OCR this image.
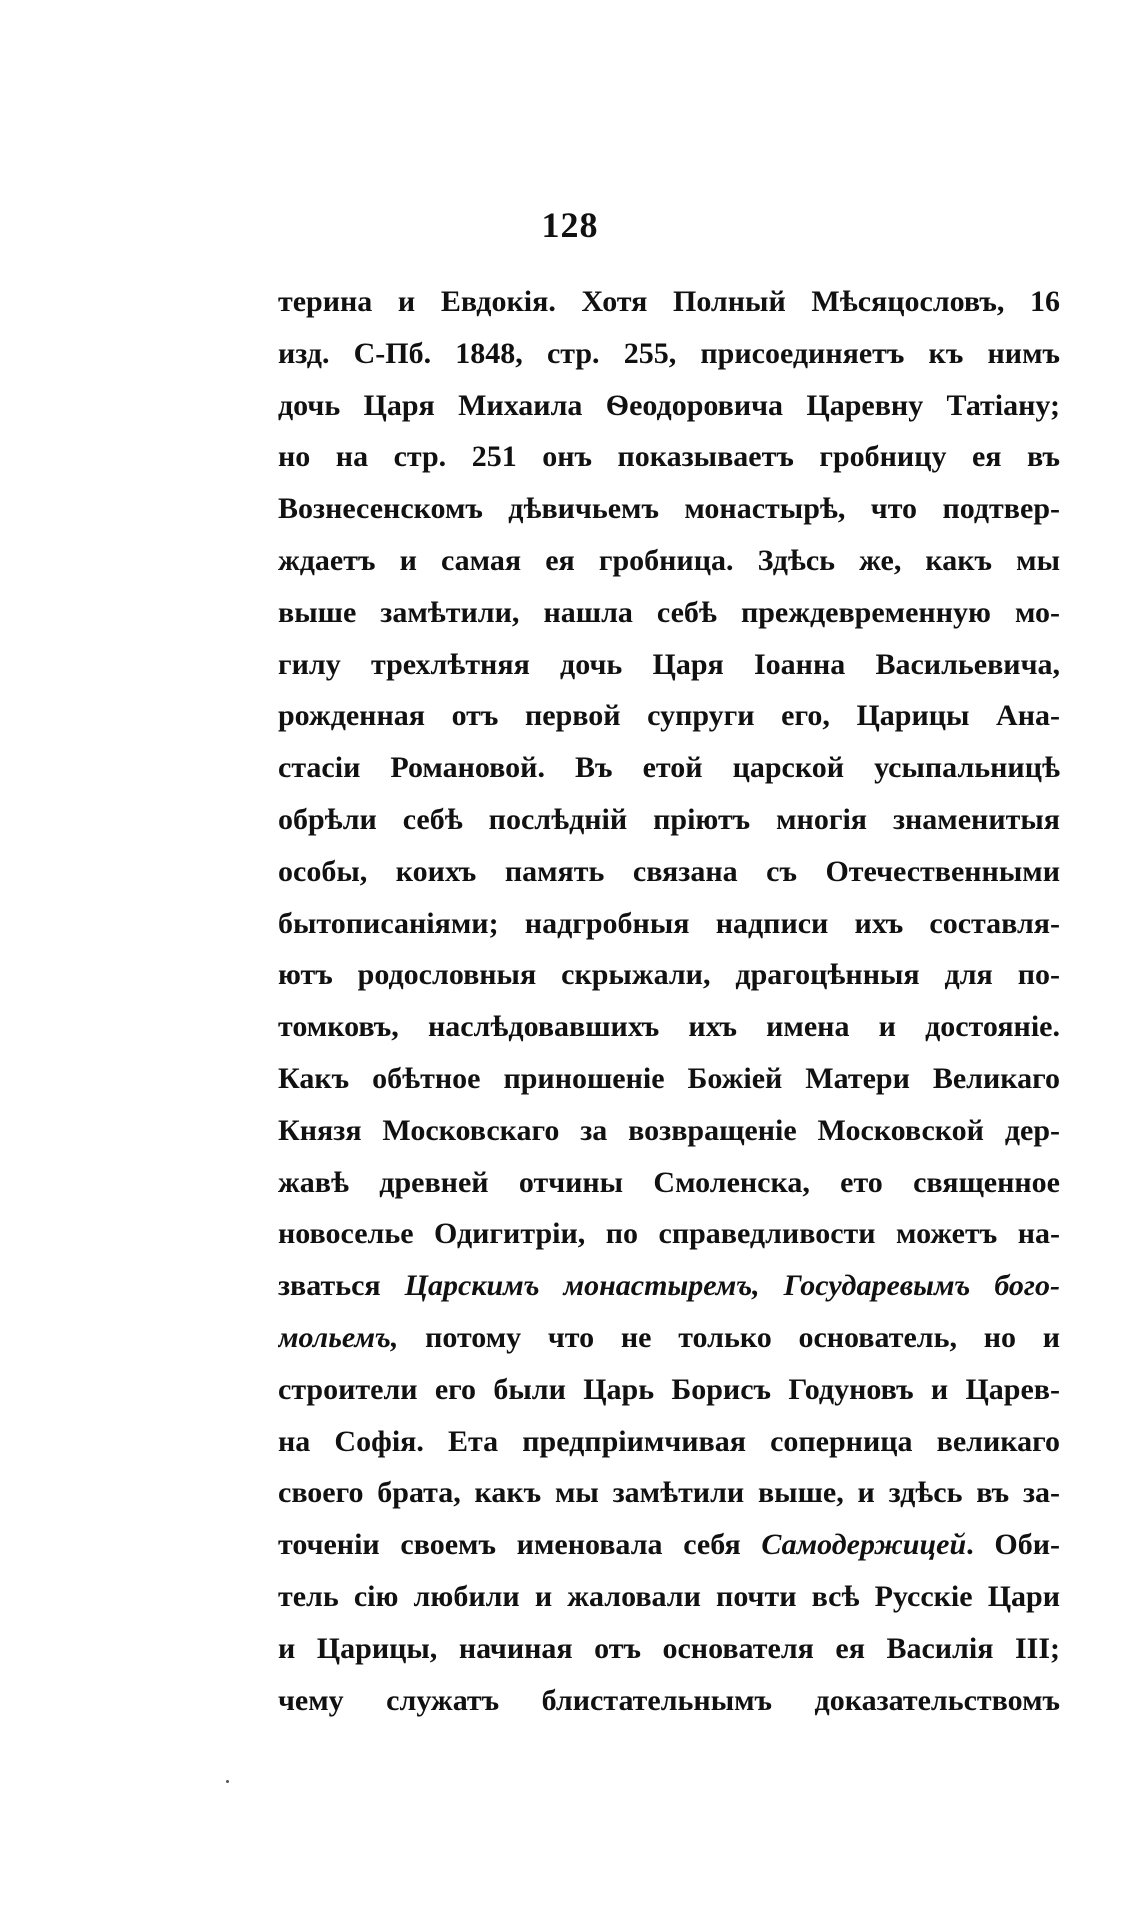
128
терина и Евдокія. Хотя Полный Мѣсяцословъ, 16
изд. С-Пб. 1848, стр. 255, присоединяетъ къ нимъ
дочь Царя Михаила Ѳеодоровича Царевну Татіану;
но на стр. 251 онъ показываетъ гробницу ея въ
Вознесенскомъ дѣвичьемъ монастырѣ, что подтвер-
ждаетъ и самая ея гробница. Здѣсь же, какъ мы
выше замѣтили, нашла себѣ преждевременную мо-
гилу трехлѣтняя дочь Царя Іоанна Васильевича,
рожденная отъ первой супруги его, Царицы Ана-
стасіи Романовой. Въ етой царской усыпальницѣ
обрѣли себѣ послѣдній пріютъ многія знаменитыя
особы, коихъ память связана съ Отечественными
бытописаніями; надгробныя надписи ихъ составля-
ютъ родословныя скрыжали, драгоцѣнныя для по-
томковъ, наслѣдовавшихъ ихъ имена и достояніе.
Какъ обѣтное приношеніе Божіей Матери Великаго
Князя Московскаго за возвращеніе Московской дер-
жавѣ древней отчины Смоленска, ето священное
новоселье Одигитріи, по справедливости можетъ на-
зваться Царскимъ монастыремъ, Государевымъ бого-
мольемъ, потому что не только основатель, но и
строители его были Царь Борисъ Годуновъ и Царев-
на Софія. Ета предпріимчивая соперница великаго
своего брата, какъ мы замѣтили выше, и здѣсь въ за-
точеніи своемъ именовала себя Самодержицей. Оби-
тель сію любили и жаловали почти всѣ Русскіе Цари
и Царицы, начиная отъ основателя ея Василія III;
чему служатъ блистательнымъ доказательствомъ
